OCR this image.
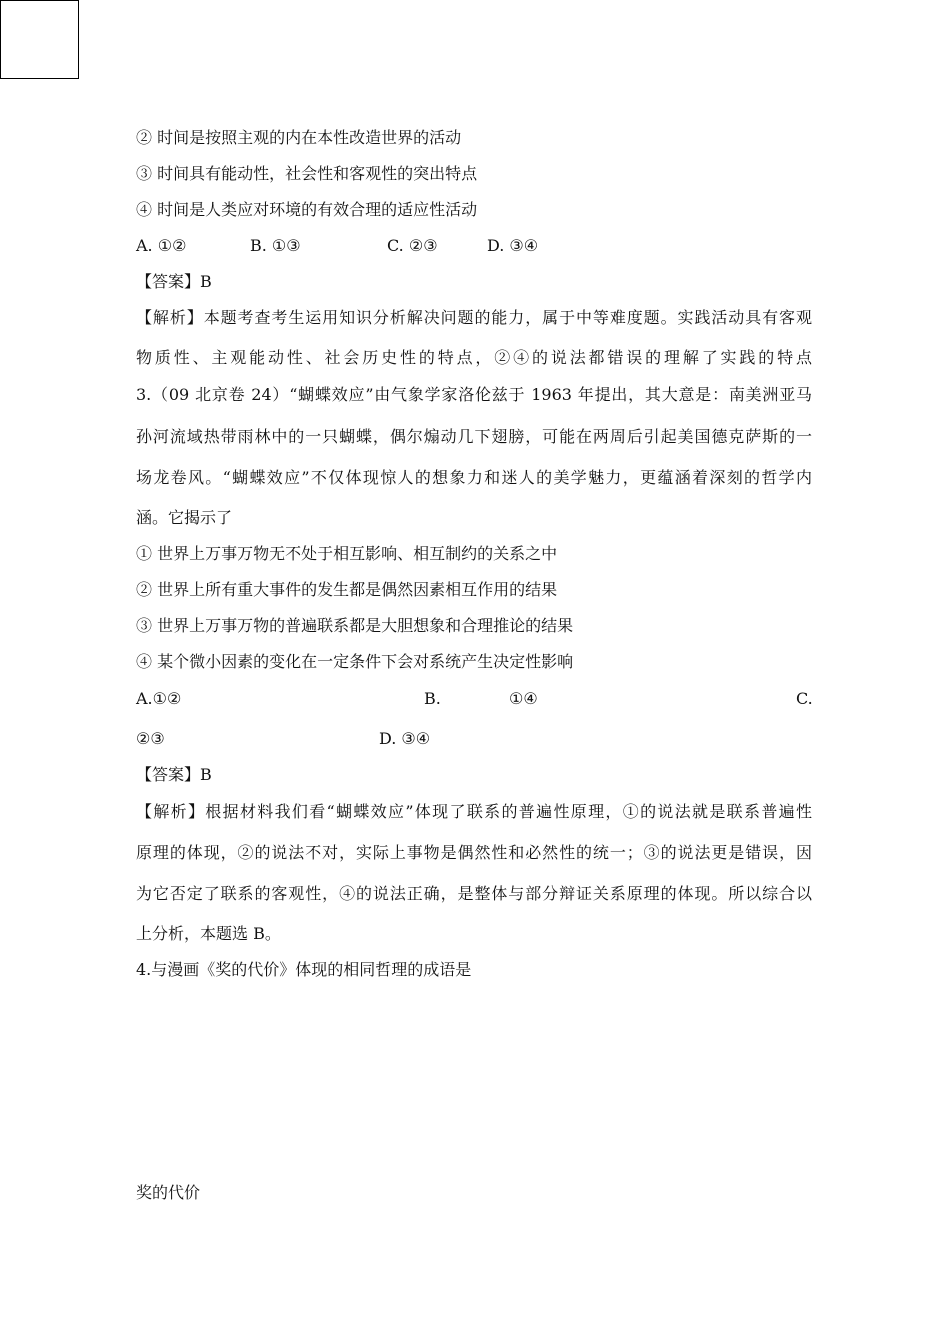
② 时间是按照主观的内在本性改造世界的活动
③ 时间具有能动性，社会性和客观性的突出特点
④ 时间是人类应对环境的有效合理的适应性活动
A. ①②	B. ①③	C. ②③	D. ③④
【答案】B
【解析】本题考查考生运用知识分析解决问题的能力，属于中等难度题。实践活动具有客观
物质性、主观能动性、社会历史性的特点，②④的说法都错误的理解了实践的特点
3.（09 北京卷 24）“蝴蝶效应”由气象学家洛伦兹于 1963 年提出，其大意是：南美洲亚马
孙河流域热带雨林中的一只蝴蝶，偶尔煽动几下翅膀，可能在两周后引起美国德克萨斯的一
场龙卷风。“蝴蝶效应”不仅体现惊人的想象力和迷人的美学魅力，更蕴涵着深刻的哲学内
涵。它揭示了
① 世界上万事万物无不处于相互影响、相互制约的关系之中
② 世界上所有重大事件的发生都是偶然因素相互作用的结果
③ 世界上万事万物的普遍联系都是大胆想象和合理推论的结果
④ 某个微小因素的变化在一定条件下会对系统产生决定性影响
A.①②	B.	①④	C.
②③	D. ③④
【答案】B
【解析】根据材料我们看“蝴蝶效应”体现了联系的普遍性原理，①的说法就是联系普遍性
原理的体现，②的说法不对，实际上事物是偶然性和必然性的统一；③的说法更是错误，因
为它否定了联系的客观性，④的说法正确，是整体与部分辩证关系原理的体现。所以综合以
上分析，本题选 B。
4.与漫画《奖的代价》体现的相同哲理的成语是
奖的代价
